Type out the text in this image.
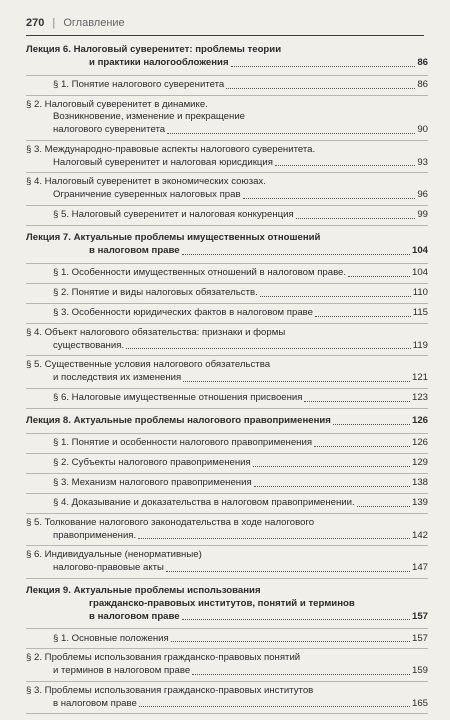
270 | Оглавление
Лекция 6. Налоговый суверенитет: проблемы теории
и практики налогообложения	86
§ 1. Понятие налогового суверенитета	86
§ 2. Налоговый суверенитет в динамике.
Возникновение, изменение и прекращение
налогового суверенитета	90
§ 3. Международно-правовые аспекты налогового суверенитета.
Налоговый суверенитет и налоговая юрисдикция	93
§ 4. Налоговый суверенитет в экономических союзах.
Ограничение суверенных налоговых прав	96
§ 5. Налоговый суверенитет и налоговая конкуренция	99
Лекция 7. Актуальные проблемы имущественных отношений
в налоговом праве	104
§ 1. Особенности имущественных отношений в налоговом праве.	104
§ 2. Понятие и виды налоговых обязательств.	110
§ 3. Особенности юридических фактов в налоговом праве	115
§ 4. Объект налогового обязательства: признаки и формы
существования.	119
§ 5. Существенные условия налогового обязательства
и последствия их изменения	121
§ 6. Налоговые имущественные отношения присвоения	123
Лекция 8. Актуальные проблемы налогового правоприменения	126
§ 1. Понятие и особенности налогового правоприменения	126
§ 2. Субъекты налогового правоприменения	129
§ 3. Механизм налогового правоприменения	138
§ 4. Доказывание и доказательства в налоговом правоприменении.	139
§ 5. Толкование налогового законодательства в ходе налогового
правоприменения.	142
§ 6. Индивидуальные (ненормативные)
налогово-правовые акты	147
Лекция 9. Актуальные проблемы использования
гражданско-правовых институтов, понятий и терминов
в налоговом праве	157
§ 1. Основные положения	157
§ 2. Проблемы использования гражданско-правовых понятий
и терминов в налоговом праве	159
§ 3. Проблемы использования гражданско-правовых институтов
в налоговом праве	165
